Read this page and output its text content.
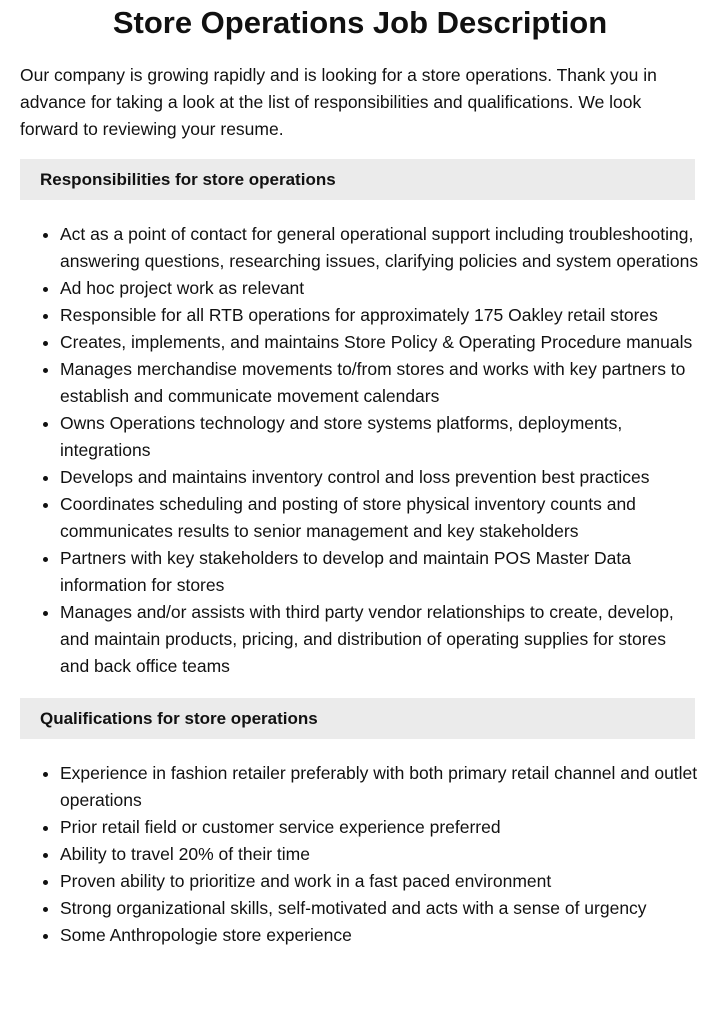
Store Operations Job Description

Our company is growing rapidly and is looking for a store operations. Thank you in advance for taking a look at the list of responsibilities and qualifications. We look forward to reviewing your resume.

Responsibilities for store operations
• Act as a point of contact for general operational support including troubleshooting, answering questions, researching issues, clarifying policies and system operations
• Ad hoc project work as relevant
• Responsible for all RTB operations for approximately 175 Oakley retail stores
• Creates, implements, and maintains Store Policy & Operating Procedure manuals
• Manages merchandise movements to/from stores and works with key partners to establish and communicate movement calendars
• Owns Operations technology and store systems platforms, deployments, integrations
• Develops and maintains inventory control and loss prevention best practices
• Coordinates scheduling and posting of store physical inventory counts and communicates results to senior management and key stakeholders
• Partners with key stakeholders to develop and maintain POS Master Data information for stores
• Manages and/or assists with third party vendor relationships to create, develop, and maintain products, pricing, and distribution of operating supplies for stores and back office teams
Qualifications for store operations
• Experience in fashion retailer preferably with both primary retail channel and outlet operations
• Prior retail field or customer service experience preferred
• Ability to travel 20% of their time
• Proven ability to prioritize and work in a fast paced environment
• Strong organizational skills, self-motivated and acts with a sense of urgency
• Some Anthropologie store experience
